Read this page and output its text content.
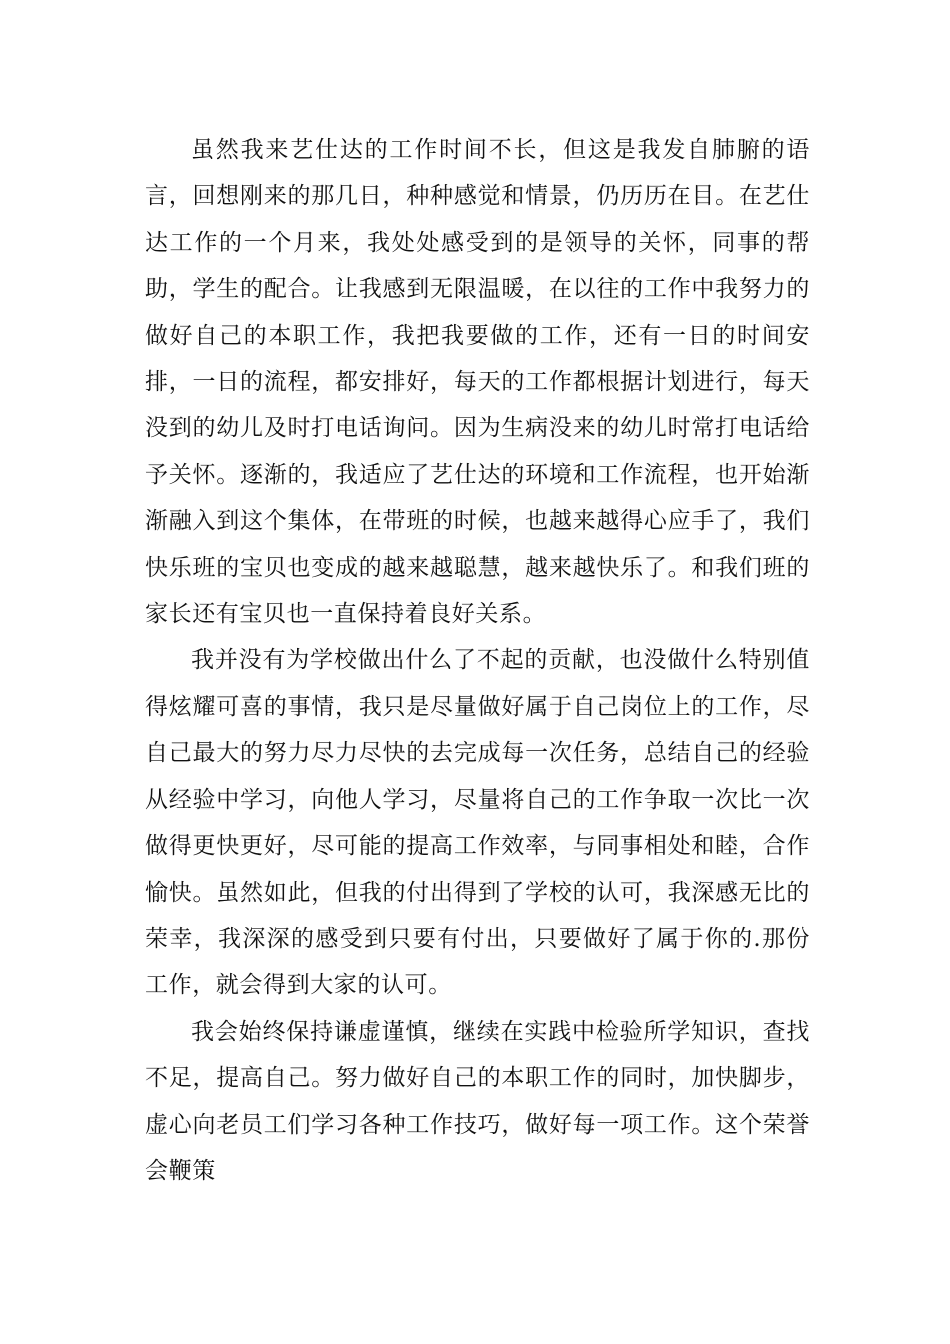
虽然我来艺仕达的工作时间不长，但这是我发自肺腑的语言，回想刚来的那几日，种种感觉和情景，仍历历在目。在艺仕达工作的一个月来，我处处感受到的是领导的关怀，同事的帮助，学生的配合。让我感到无限温暖，在以往的工作中我努力的做好自己的本职工作，我把我要做的工作，还有一日的时间安排，一日的流程，都安排好，每天的工作都根据计划进行，每天没到的幼儿及时打电话询问。因为生病没来的幼儿时常打电话给予关怀。逐渐的，我适应了艺仕达的环境和工作流程，也开始渐渐融入到这个集体，在带班的时候，也越来越得心应手了，我们快乐班的宝贝也变成的越来越聪慧，越来越快乐了。和我们班的家长还有宝贝也一直保持着良好关系。

我并没有为学校做出什么了不起的贡献，也没做什么特别值得炫耀可喜的事情，我只是尽量做好属于自己岗位上的工作，尽自己最大的努力尽力尽快的去完成每一次任务，总结自己的经验从经验中学习，向他人学习，尽量将自己的工作争取一次比一次做得更快更好，尽可能的提高工作效率，与同事相处和睦，合作愉快。虽然如此，但我的付出得到了学校的认可，我深感无比的荣幸，我深深的感受到只要有付出，只要做好了属于你的.那份工作，就会得到大家的认可。

我会始终保持谦虚谨慎，继续在实践中检验所学知识，查找不足，提高自己。努力做好自己的本职工作的同时，加快脚步，虚心向老员工们学习各种工作技巧，做好每一项工作。这个荣誉会鞭策
